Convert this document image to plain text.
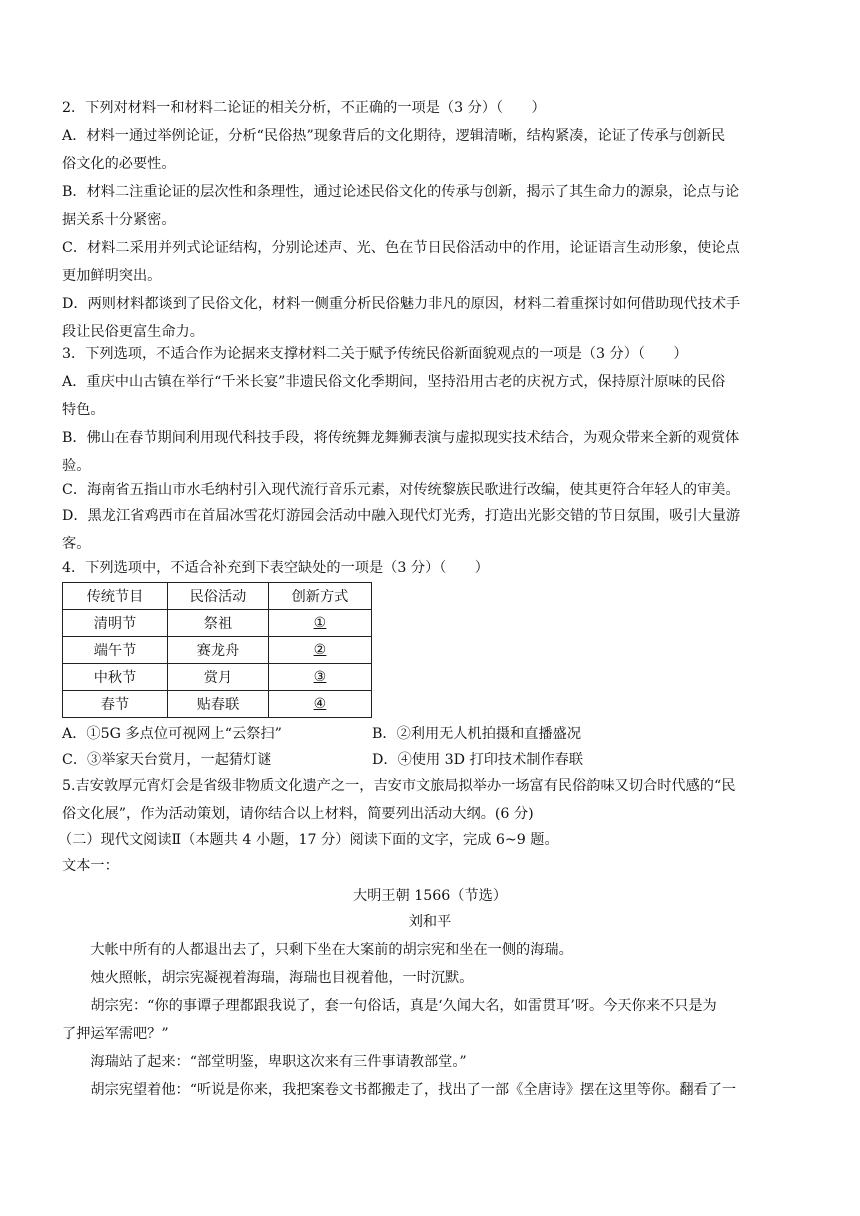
2．下列对材料一和材料二论证的相关分析，不正确的一项是（3 分）（　　）

A．材料一通过举例论证，分析“民俗热”现象背后的文化期待，逻辑清晰，结构紧凑，论证了传承与创新民

俗文化的必要性。

B．材料二注重论证的层次性和条理性，通过论述民俗文化的传承与创新，揭示了其生命力的源泉，论点与论

据关系十分紧密。

C．材料二采用并列式论证结构，分别论述声、光、色在节日民俗活动中的作用，论证语言生动形象，使论点

更加鲜明突出。

D．两则材料都谈到了民俗文化，材料一侧重分析民俗魅力非凡的原因，材料二着重探讨如何借助现代技术手

段让民俗更富生命力。

3．下列选项，不适合作为论据来支撑材料二关于赋予传统民俗新面貌观点的一项是（3 分）（　　）

A．重庆中山古镇在举行“千米长宴”非遗民俗文化季期间，坚持沿用古老的庆祝方式，保持原汁原味的民俗

特色。

B．佛山在春节期间利用现代科技手段，将传统舞龙舞狮表演与虚拟现实技术结合，为观众带来全新的观赏体

验。

C．海南省五指山市水毛纳村引入现代流行音乐元素，对传统黎族民歌进行改编，使其更符合年轻人的审美。

D．黑龙江省鸡西市在首届冰雪花灯游园会活动中融入现代灯光秀，打造出光影交错的节日氛围，吸引大量游

客。

4．下列选项中，不适合补充到下表空缺处的一项是（3 分）（　　）

传统节目	民俗活动	创新方式
清明节	祭祖	①
端午节	赛龙舟	②
中秋节	赏月	③
春节	贴春联	④

A．①5G 多点位可视网上“云祭扫”	B．②利用无人机拍摄和直播盛况

C．③举家天台赏月，一起猜灯谜	D．④使用 3D 打印技术制作春联

5.吉安敦厚元宵灯会是省级非物质文化遗产之一，吉安市文旅局拟举办一场富有民俗韵味又切合时代感的“民

俗文化展”，作为活动策划，请你结合以上材料，简要列出活动大纲。(6 分)

（二）现代文阅读Ⅱ（本题共 4 小题，17 分）阅读下面的文字，完成 6~9 题。

文本一：

大明王朝 1566（节选）

刘和平

大帐中所有的人都退出去了，只剩下坐在大案前的胡宗宪和坐在一侧的海瑞。

烛火照帐，胡宗宪凝视着海瑞，海瑞也目视着他，一时沉默。

胡宗宪：“你的事谭子理都跟我说了，套一句俗话，真是‘久闻大名，如雷贯耳’呀。今天你来不只是为

了押运军需吧？”

海瑞站了起来：“部堂明鉴，卑职这次来有三件事请教部堂。”

胡宗宪望着他：“听说是你来，我把案卷文书都搬走了，找出了一部《全唐诗》摆在这里等你。翻看了一
